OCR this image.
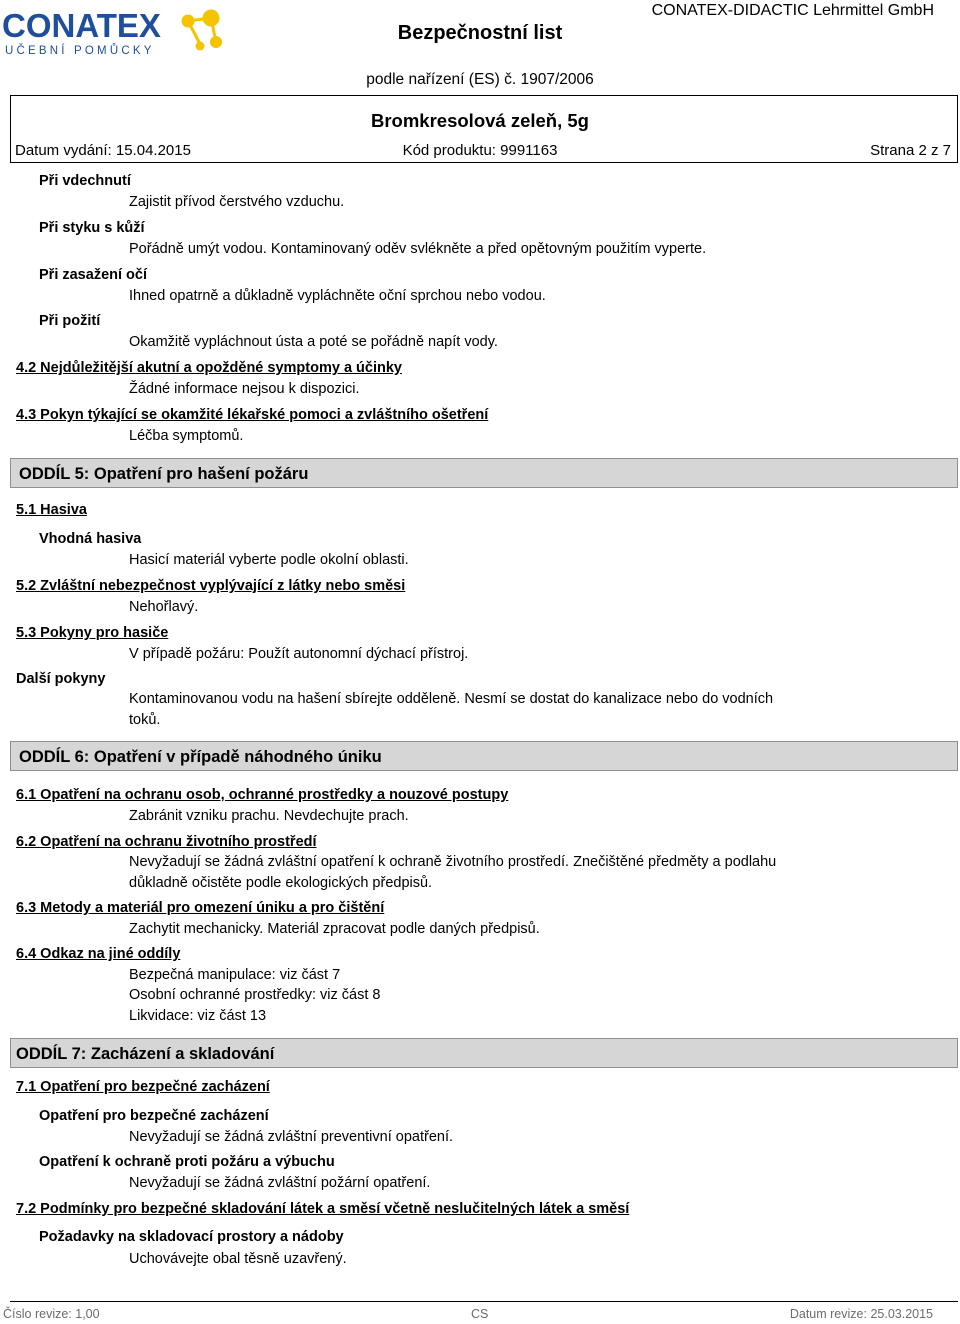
CONATEX
UČEBNÍ POMŮCKY
Bezpečnostní list
CONATEX-DIDACTIC Lehrmittel GmbH
podle nařízení (ES) č. 1907/2006
Bromkresolová zeleň, 5g
Datum vydání: 15.04.2015	Kód produktu: 9991163	Strana 2 z 7
Při vdechnutí
Zajistit přívod čerstvého vzduchu.
Při styku s kůží
Pořádně umýt vodou. Kontaminovaný oděv svlékněte a před opětovným použitím vyperte.
Při zasažení očí
Ihned opatrně a důkladně vypláchněte oční sprchou nebo vodou.
Při požití
Okamžitě vypláchnout ústa a poté se pořádně napít vody.
4.2 Nejdůležitější akutní a opožděné symptomy a účinky
Žádné informace nejsou k dispozici.
4.3 Pokyn týkající se okamžité lékařské pomoci a zvláštního ošetření
Léčba symptomů.
ODDÍL 5: Opatření pro hašení požáru
5.1 Hasiva
Vhodná hasiva
Hasicí materiál vyberte podle okolní oblasti.
5.2 Zvláštní nebezpečnost vyplývající z látky nebo směsi
Nehořlavý.
5.3 Pokyny pro hasiče
V případě požáru: Použít autonomní dýchací přístroj.
Další pokyny
Kontaminovanou vodu na hašení sbírejte odděleně. Nesmí se dostat do kanalizace nebo do vodních
toků.
ODDÍL 6: Opatření v případě náhodného úniku
6.1 Opatření na ochranu osob, ochranné prostředky a nouzové postupy
Zabránit vzniku prachu. Nevdechujte prach.
6.2 Opatření na ochranu životního prostředí
Nevyžadují se žádná zvláštní opatření k ochraně životního prostředí. Znečištěné předměty a podlahu
důkladně očistěte podle ekologických předpisů.
6.3 Metody a materiál pro omezení úniku a pro čištění
Zachytit mechanicky. Materiál zpracovat podle daných předpisů.
6.4 Odkaz na jiné oddíly
Bezpečná manipulace: viz část 7
Osobní ochranné prostředky: viz část 8
Likvidace: viz část 13
ODDÍL 7: Zacházení a skladování
7.1 Opatření pro bezpečné zacházení
Opatření pro bezpečné zacházení
Nevyžadují se žádná zvláštní preventivní opatření.
Opatření k ochraně proti požáru a výbuchu
Nevyžadují se žádná zvláštní požární opatření.
7.2 Podmínky pro bezpečné skladování látek a směsí včetně neslučitelných látek a směsí
Požadavky na skladovací prostory a nádoby
Uchovávejte obal těsně uzavřený.
Číslo revize: 1,00	CS	Datum revize: 25.03.2015
